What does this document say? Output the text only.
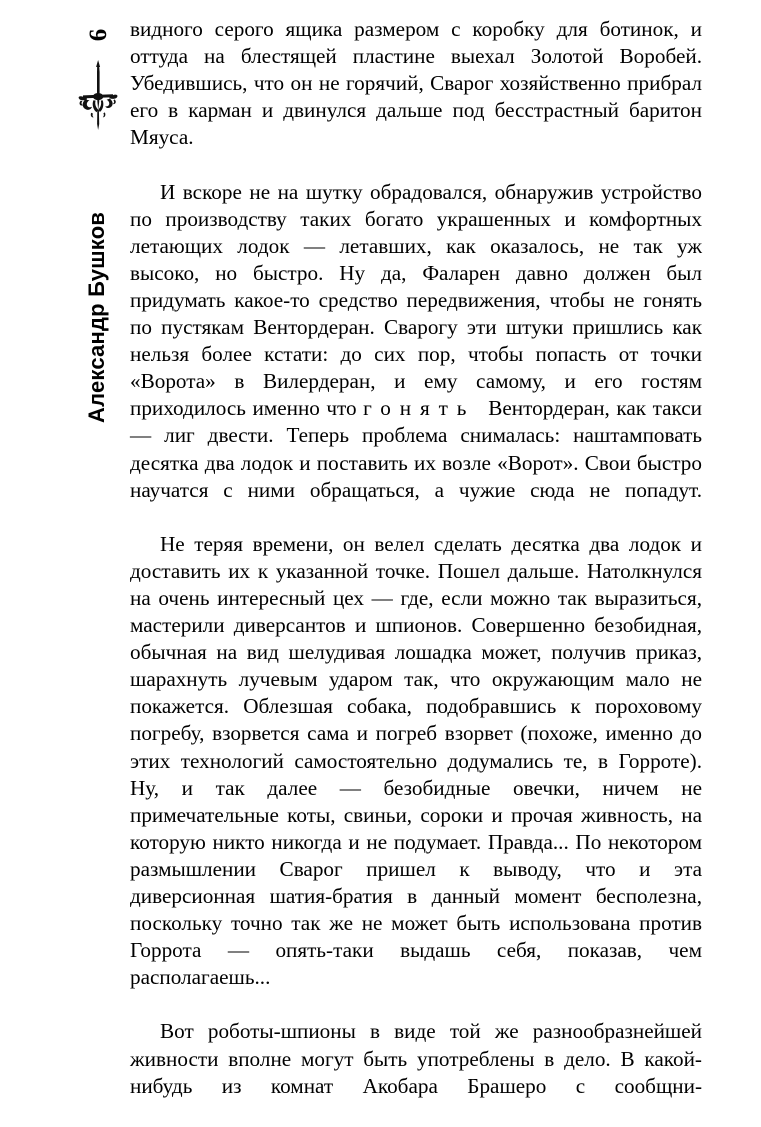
6
Александр Бушков

видного серого ящика размером с коробку для ботинок, и оттуда на блестящей пластине выехал Золотой Воробей. Убедившись, что он не горячий, Сварог хозяйственно прибрал его в карман и двинулся дальше под бесстрастный баритон Мяуса.

И вскоре не на шутку обрадовался, обнаружив устройство по производству таких богато украшенных и комфортных летающих лодок — летавших, как оказалось, не так уж высоко, но быстро. Ну да, Фаларен давно должен был придумать какое-то средство передвижения, чтобы не гонять по пустякам Вентордеран. Сварогу эти штуки пришлись как нельзя более кстати: до сих пор, чтобы попасть от точки «Ворота» в Вилердеран, и ему самому, и его гостям приходилось именно что гонять Вентордеран, как такси — лиг двести. Теперь проблема снималась: наштамповать десятка два лодок и поставить их возле «Ворот». Свои быстро научатся с ними обращаться, а чужие сюда не попадут.

Не теряя времени, он велел сделать десятка два лодок и доставить их к указанной точке. Пошел дальше. Натолкнулся на очень интересный цех — где, если можно так выразиться, мастерили диверсантов и шпионов. Совершенно безобидная, обычная на вид шелудивая лошадка может, получив приказ, шарахнуть лучевым ударом так, что окружающим мало не покажется. Облезшая собака, подобравшись к пороховому погребу, взорвется сама и погреб взорвет (похоже, именно до этих технологий самостоятельно додумались те, в Горроте). Ну, и так далее — безобидные овечки, ничем не примечательные коты, свиньи, сороки и прочая живность, на которую никто никогда и не подумает. Правда... По некотором размышлении Сварог пришел к выводу, что и эта диверсионная шатия-братия в данный момент бесполезна, поскольку точно так же не может быть использована против Горрота — опять-таки выдашь себя, показав, чем располагаешь...

Вот роботы-шпионы в виде той же разнообразнейшей живности вполне могут быть употреблены в дело. В какой-нибудь из комнат Акобара Брашеро с сообщни-
